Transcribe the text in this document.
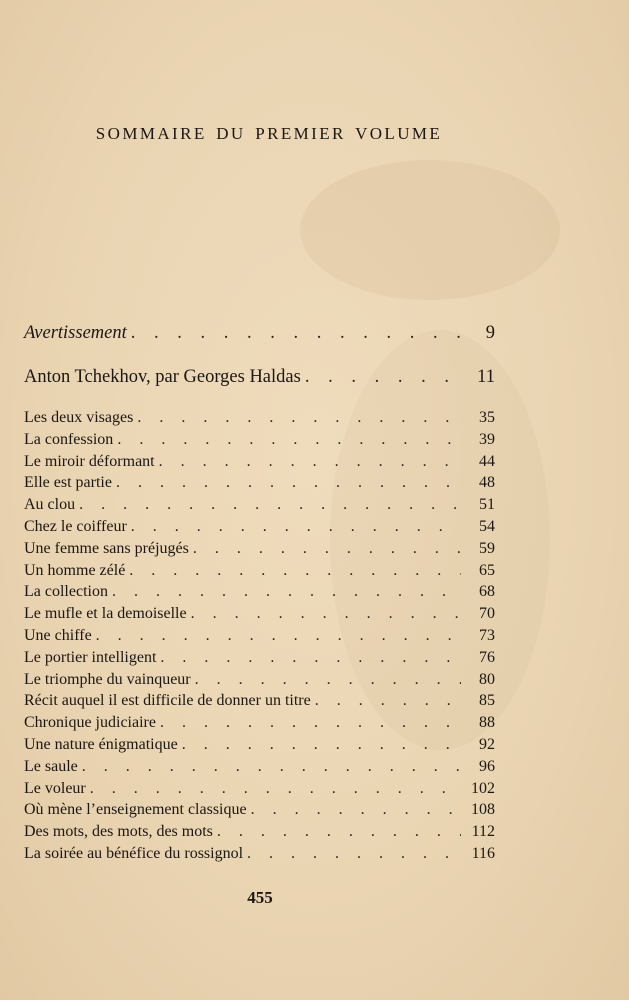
SOMMAIRE DU PREMIER VOLUME
Avertissement . . .	9
Anton Tchekhov, par Georges Haldas . . .	11
Les deux visages . . .	35
La confession . . .	39
Le miroir déformant . . .	44
Elle est partie . . .	48
Au clou . . .	51
Chez le coiffeur . . .	54
Une femme sans préjugés . . .	59
Un homme zélé . . .	65
La collection . . .	68
Le mufle et la demoiselle . . .	70
Une chiffe . . .	73
Le portier intelligent . . .	76
Le triomphe du vainqueur . . .	80
Récit auquel il est difficile de donner un titre . . .	85
Chronique judiciaire . . .	88
Une nature énigmatique . . .	92
Le saule . . .	96
Le voleur . . .	102
Où mène l’enseignement classique . . .	108
Des mots, des mots, des mots . . .	112
La soirée au bénéfice du rossignol . . .	116
455
